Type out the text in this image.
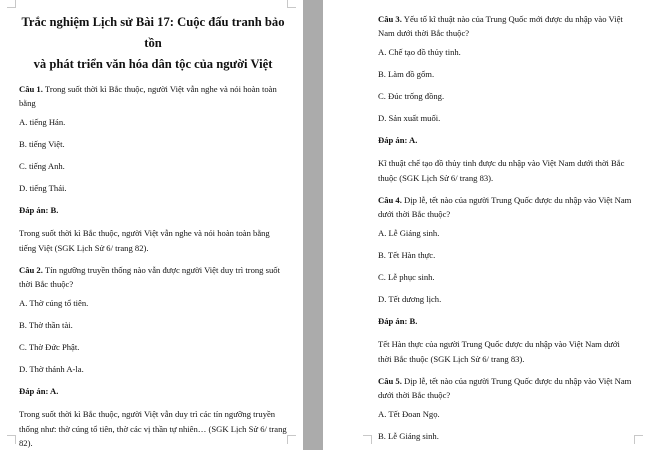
Trắc nghiệm Lịch sử Bài 17: Cuộc đấu tranh bảo tồn
và phát triển văn hóa dân tộc của người Việt
Câu 1. Trong suốt thời kì Bắc thuộc, người Việt vẫn nghe và nói hoàn toàn bằng
A. tiếng Hán.
B. tiếng Việt.
C. tiếng Anh.
D. tiếng Thái.
Đáp án: B.
Trong suốt thời kì Bắc thuộc, người Việt vẫn nghe và nói hoàn toàn bằng tiếng Việt (SGK Lịch Sử 6/ trang 82).
Câu 2. Tín ngưỡng truyền thống nào vẫn được người Việt duy trì trong suốt thời Bắc thuộc?
A. Thờ cúng tổ tiên.
B. Thờ thần tài.
C. Thờ Đức Phật.
D. Thờ thánh A-la.
Đáp án: A.
Trong suốt thời kì Bắc thuộc, người Việt vẫn duy trì các tín ngưỡng truyền thống như: thờ cúng tổ tiên, thờ các vị thần tự nhiên… (SGK Lịch Sử 6/ trang 82).
Câu 3. Yếu tố kĩ thuật nào của Trung Quốc mới được du nhập vào Việt Nam dưới thời Bắc thuộc?
A. Chế tạo đồ thủy tinh.
B. Làm đồ gốm.
C. Đúc trống đồng.
D. Sản xuất muối.
Đáp án: A.
Kĩ thuật chế tạo đồ thủy tinh được du nhập vào Việt Nam dưới thời Bắc thuộc (SGK Lịch Sử 6/ trang 83).
Câu 4. Dịp lễ, tết nào của người Trung Quốc được du nhập vào Việt Nam dưới thời Bắc thuộc?
A. Lễ Giáng sinh.
B. Tết Hàn thực.
C. Lễ phục sinh.
D. Tết dương lịch.
Đáp án: B.
Tết Hàn thực của người Trung Quốc được du nhập vào Việt Nam dưới thời Bắc thuộc (SGK Lịch Sử 6/ trang 83).
Câu 5. Dịp lễ, tết nào của người Trung Quốc được du nhập vào Việt Nam dưới thời Bắc thuộc?
A. Tết Đoan Ngọ.
B. Lễ Giáng sinh.
